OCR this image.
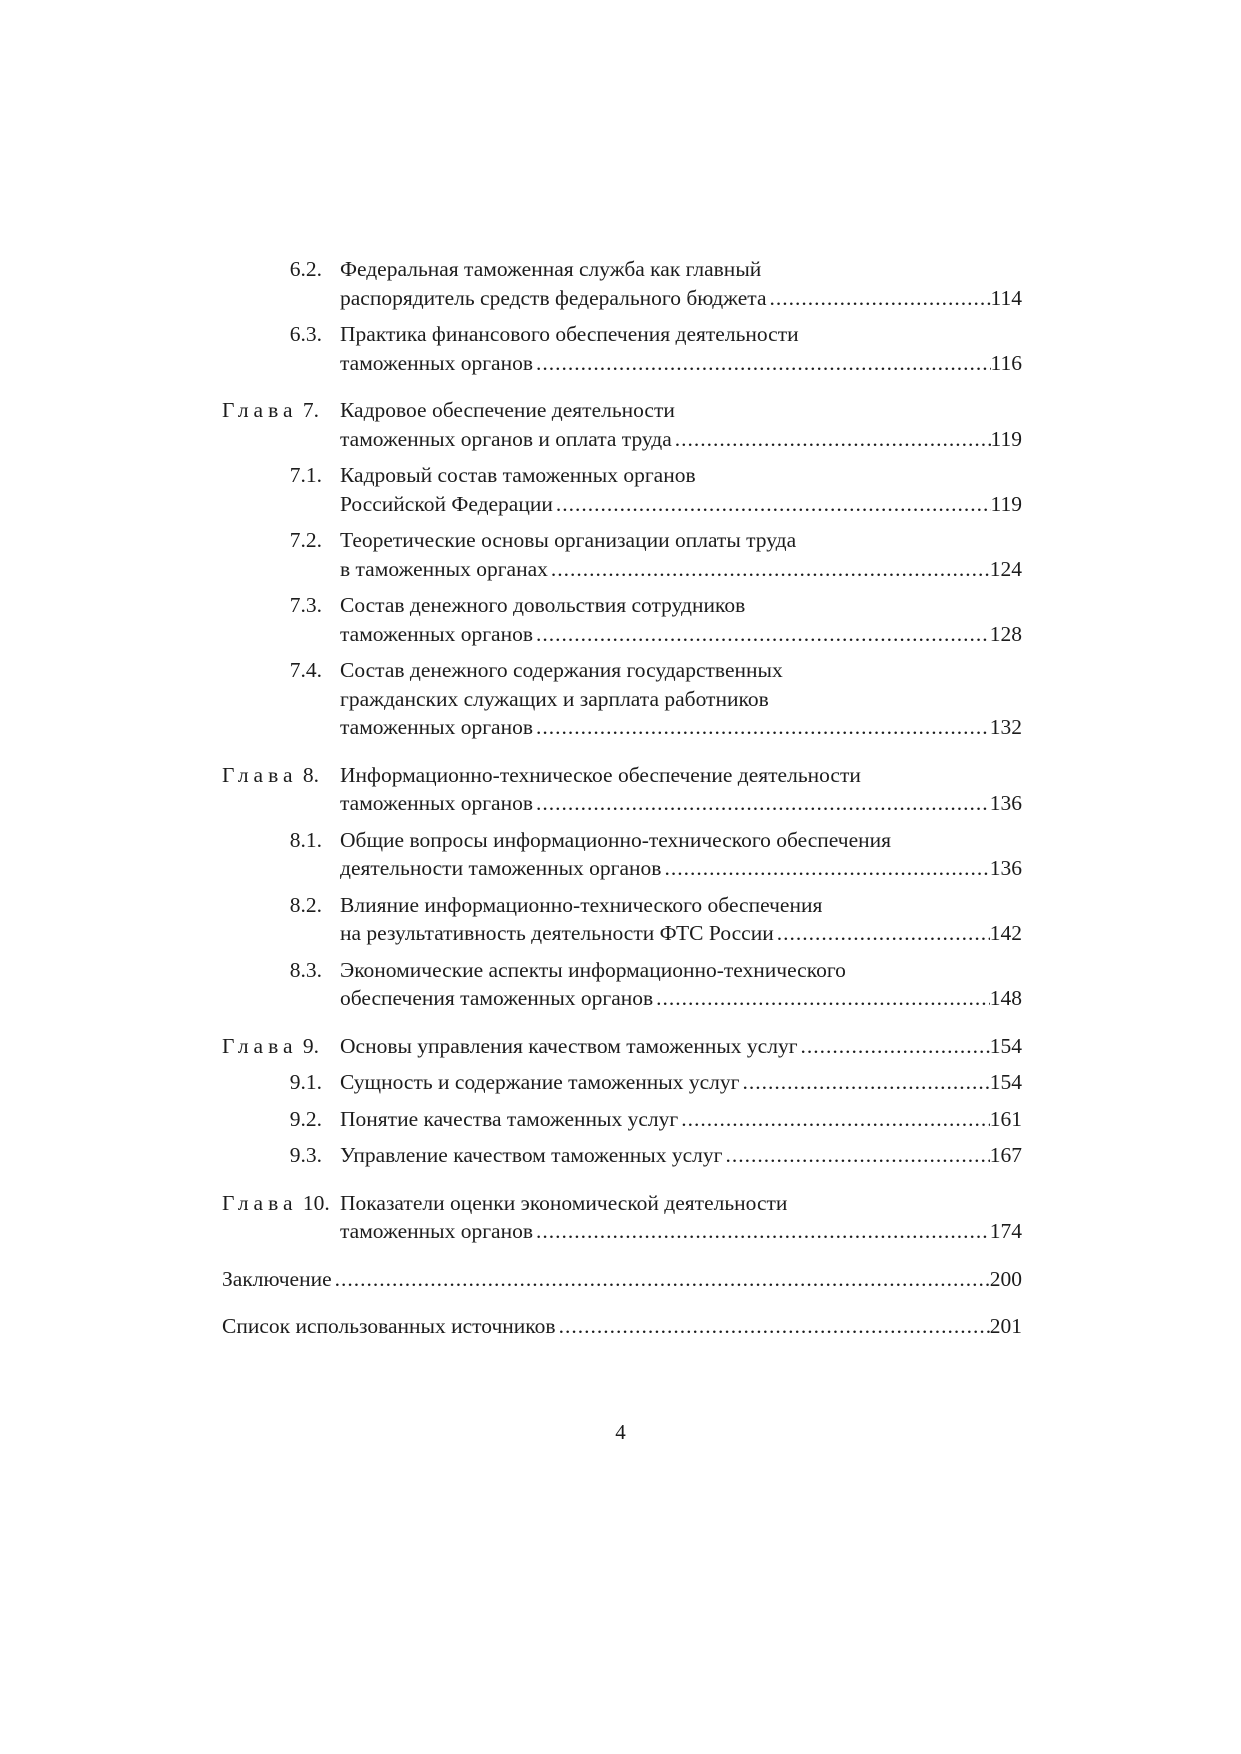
6.2. Федеральная таможенная служба как главный
распорядитель средств федерального бюджета .....	114
6.3. Практика финансового обеспечения деятельности
таможенных органов .....	116
Глава 7. Кадровое обеспечение деятельности
таможенных органов и оплата труда .....	119
7.1. Кадровый состав таможенных органов
Российской Федерации .....	119
7.2. Теоретические основы организации оплаты труда
в таможенных органах .....	124
7.3. Состав денежного довольствия сотрудников
таможенных органов .....	128
7.4. Состав денежного содержания государственных
гражданских служащих и зарплата работников
таможенных органов .....	132
Глава 8. Информационно-техническое обеспечение деятельности
таможенных органов .....	136
8.1. Общие вопросы информационно-технического обеспечения
деятельности таможенных органов .....	136
8.2. Влияние информационно-технического обеспечения
на результативность деятельности ФТС России .....	142
8.3. Экономические аспекты информационно-технического
обеспечения таможенных органов .....	148
Глава 9. Основы управления качеством таможенных услуг .....	154
9.1. Сущность и содержание таможенных услуг .....	154
9.2. Понятие качества таможенных услуг .....	161
9.3. Управление качеством таможенных услуг .....	167
Глава 10. Показатели оценки экономической деятельности
таможенных органов .....	174
Заключение .....	200
Список использованных источников .....	201
4
